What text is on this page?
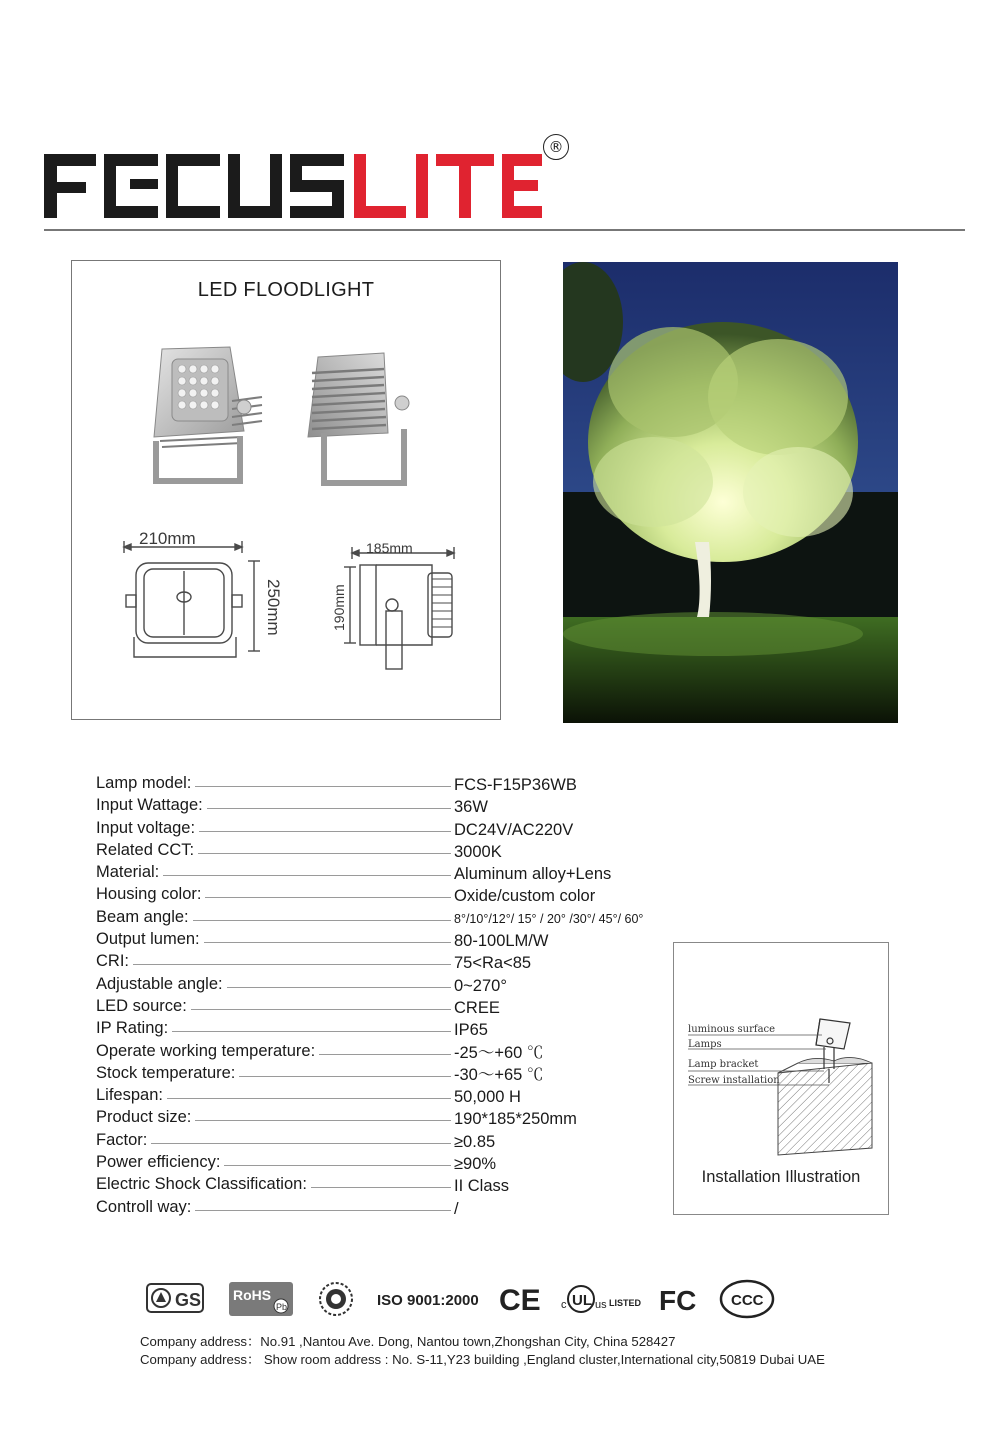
®
LED FLOODLIGHT
210mm
250mm
185mm
190mm
Lamp model:	FCS-F15P36WB
Input Wattage:	36W
Input voltage:	DC24V/AC220V
Related CCT:	3000K
Material:	Aluminum alloy+Lens
Housing color:	Oxide/custom color
Beam angle:	8°/10°/12°/ 15° / 20° /30°/ 45°/ 60°
Output lumen:	80-100LM/W
CRI:	75<Ra<85
Adjustable angle:	0~270°
LED source:	CREE
IP Rating:	IP65
Operate working temperature:	-25～+60 ℃
Stock temperature:	-30～+65 ℃
Lifespan:	50,000 H
Product size:	190*185*250mm
Factor:	≥0.85
Power efficiency:	≥90%
Electric Shock Classification:	II Class
Controll way:	/
luminous surface
Lamps
Lamp bracket
Screw installation
Installation Illustration
GS RoHS
Pb	ISO 9001:2000 CE c UL us LISTED FC CCC
Company address：No.91 ,Nantou Ave. Dong, Nantou town,Zhongshan City, China 528427
Company address： Show room address : No. S-11,Y23 building ,England cluster,International city,50819 Dubai UAE
